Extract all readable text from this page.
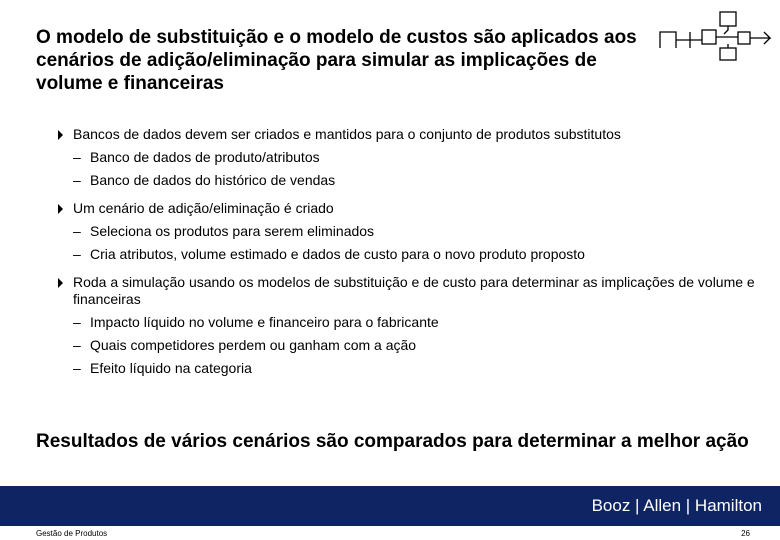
O modelo de substituição e o modelo de custos são aplicados aos cenários de adição/eliminação para simular as implicações de volume e financeiras
Bancos de dados devem ser criados e mantidos para o conjunto de produtos substitutos
– Banco de dados de produto/atributos
– Banco de dados do histórico de vendas
Um cenário de adição/eliminação é criado
– Seleciona os produtos para serem eliminados
– Cria atributos, volume estimado e dados de custo para o novo produto proposto
Roda a simulação usando os modelos de substituição e de custo para determinar as implicações de volume e financeiras
– Impacto líquido no volume e financeiro para o fabricante
– Quais competidores perdem ou ganham com a ação
– Efeito líquido na categoria

Resultados de vários cenários são comparados para determinar a melhor ação

Booz | Allen | Hamilton
Gestão de Produtos	26
